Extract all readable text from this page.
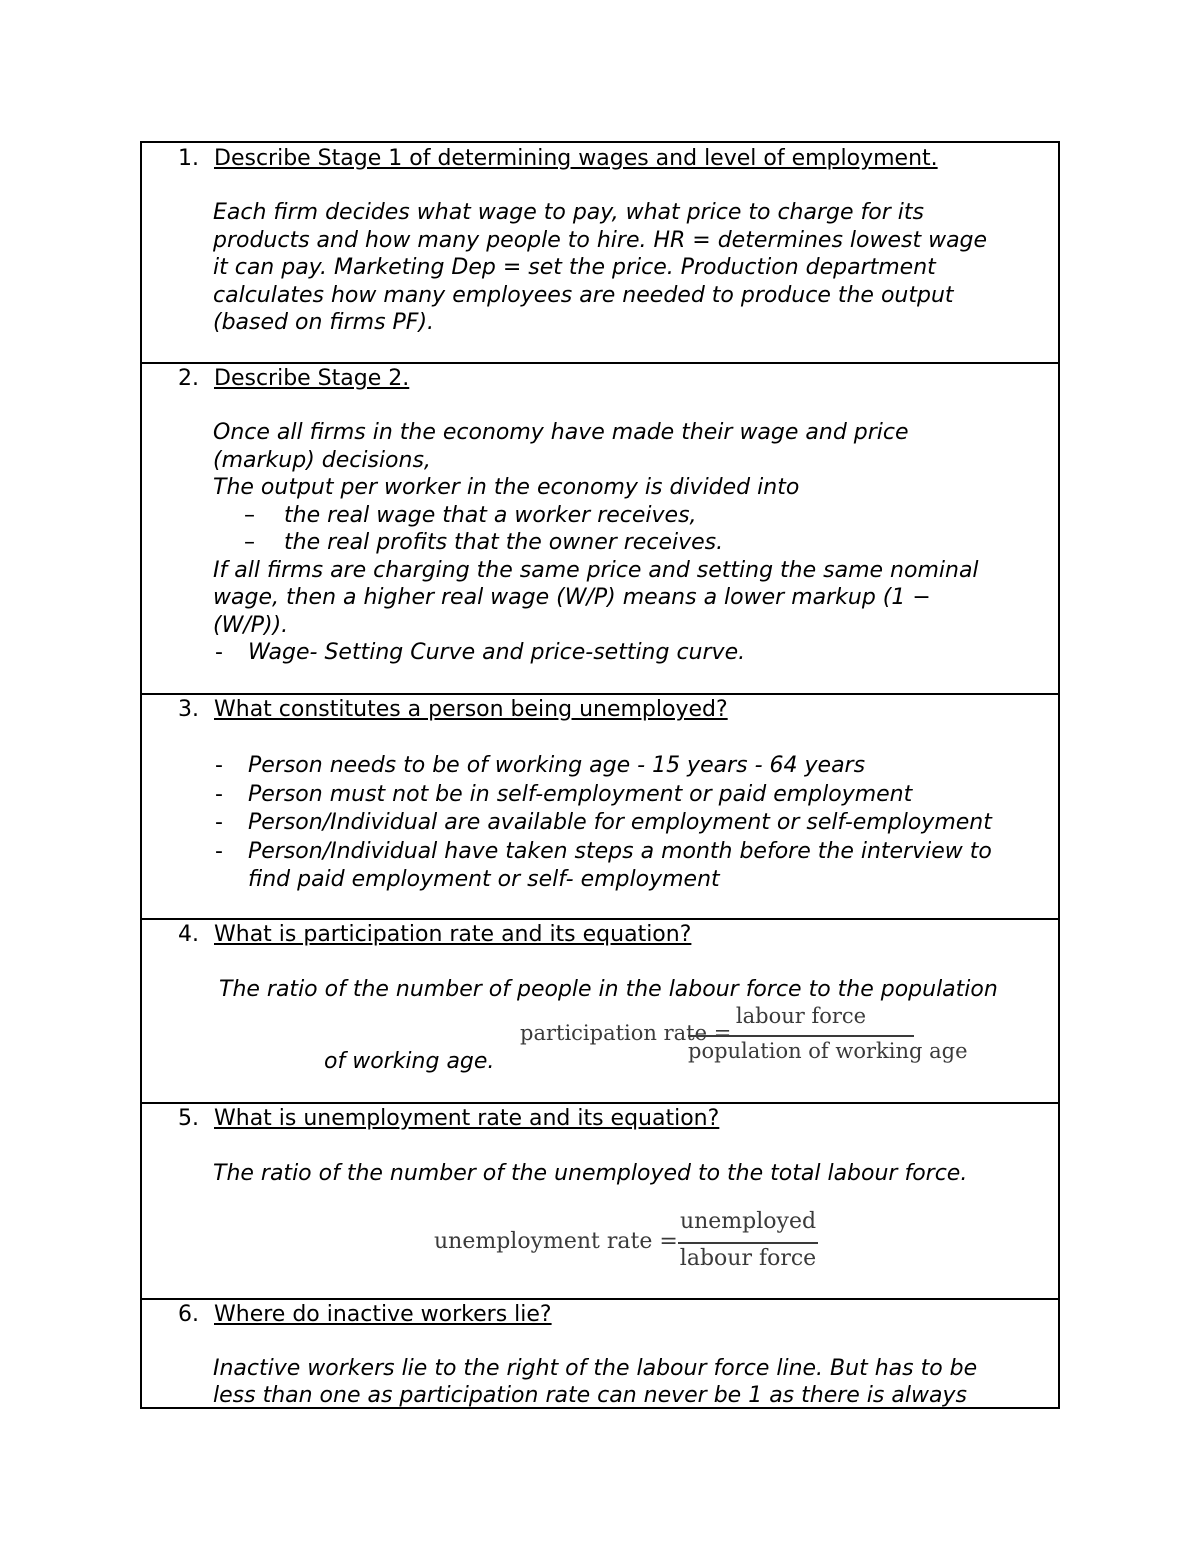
1. Describe Stage 1 of determining wages and level of employment.
Each firm decides what wage to pay, what price to charge for its
products and how many people to hire. HR = determines lowest wage
it can pay. Marketing Dep = set the price. Production department
calculates how many employees are needed to produce the output
(based on firms PF).
2. Describe Stage 2.
Once all firms in the economy have made their wage and price
(markup) decisions,
The output per worker in the economy is divided into
– the real wage that a worker receives,
– the real profits that the owner receives.
If all firms are charging the same price and setting the same nominal
wage, then a higher real wage (W/P) means a lower markup (1 −
(W/P)).
- Wage- Setting Curve and price-setting curve.
3. What constitutes a person being unemployed?
- Person needs to be of working age - 15 years - 64 years
- Person must not be in self-employment or paid employment
- Person/Individual are available for employment or self-employment
- Person/Individual have taken steps a month before the interview to
find paid employment or self- employment
4. What is participation rate and its equation?
The ratio of the number of people in the labour force to the population
of working age.
participation rate =
labour force
population of working age
5. What is unemployment rate and its equation?
The ratio of the number of the unemployed to the total labour force.
unemployment rate =
unemployed
labour force
6. Where do inactive workers lie?
Inactive workers lie to the right of the labour force line. But has to be
less than one as participation rate can never be 1 as there is always
